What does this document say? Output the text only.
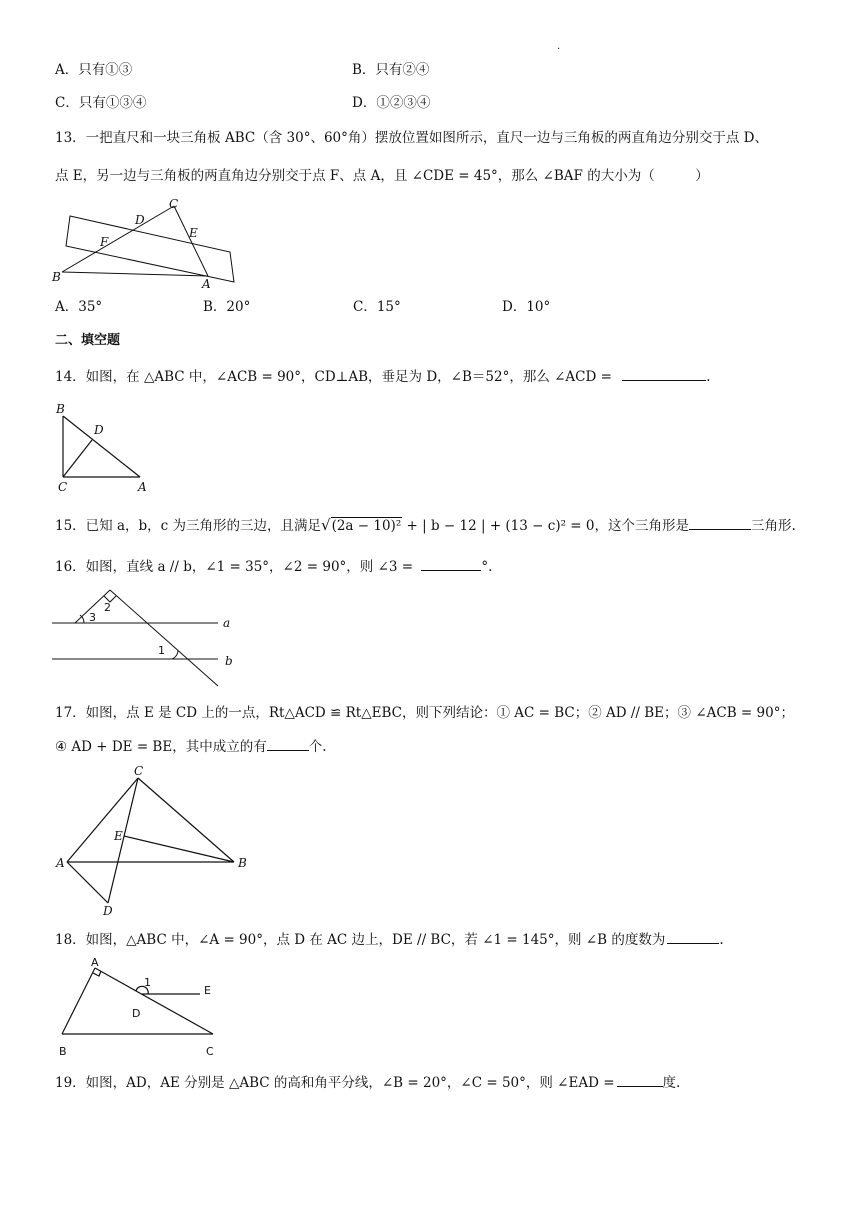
·
A．只有①③	B．只有②④
C．只有①③④	D．①②③④
13．一把直尺和一块三角板 ABC（含 30°、60°角）摆放位置如图所示，直尺一边与三角板的两直角边分别交于点 D、
点 E，另一边与三角板的两直角边分别交于点 F、点 A，且 ∠CDE = 45°，那么 ∠BAF 的大小为（　　　）
C
D
E
F
B	A
A．35°	B．20°	C．15°	D．10°
二、填空题
14．如图，在 △ABC 中，∠ACB = 90°，CD⊥AB，垂足为 D，∠B＝52°，那么 ∠ACD =	.
B
D
C	A
15．已知 a，b，c 为三角形的三边，且满足√(2a − 10)² + | b − 12 | + (13 − c)² = 0，这个三角形是	三角形.
16．如图，直线 a // b，∠1 = 35°，∠2 = 90°，则 ∠3 =	°.
2
3
1
a
b
17．如图，点 E 是 CD 上的一点，Rt△ACD ≌ Rt△EBC，则下列结论：① AC = BC；② AD // BE；③ ∠ACB = 90°；
④ AD + DE = BE，其中成立的有	个.
C
E
A	B
D
18．如图，△ABC 中，∠A = 90°，点 D 在 AC 边上，DE // BC，若 ∠1 = 145°，则 ∠B 的度数为	.
A
1
E
D
B	C
19．如图，AD，AE 分别是 △ABC 的高和角平分线，∠B = 20°，∠C = 50°，则 ∠EAD =	度.
